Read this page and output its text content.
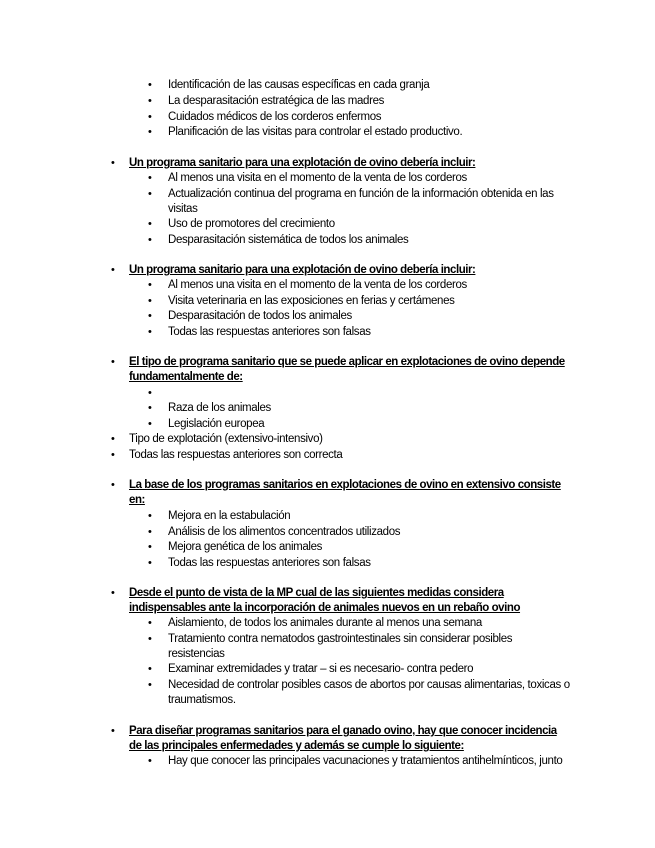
• Identificación de las causas específicas en cada granja
• La desparasitación estratégica de las madres
• Cuidados médicos de los corderos enfermos
• Planificación de las visitas para controlar el estado productivo.
• Un programa sanitario para una explotación de ovino debería incluir:
• Al menos una visita en el momento de la venta de los corderos
• Actualización continua del programa en función de la información obtenida en las
visitas
• Uso de promotores del crecimiento
• Desparasitación sistemática de todos los animales
• Un programa sanitario para una explotación de ovino debería incluir:
• Al menos una visita en el momento de la venta de los corderos
• Visita veterinaria en las exposiciones en ferias y certámenes
• Desparasitación de todos los animales
• Todas las respuestas anteriores son falsas
• El tipo de programa sanitario que se puede aplicar en explotaciones de ovino depende
fundamentalmente de:
•
• Raza de los animales
• Legislación europea
• Tipo de explotación (extensivo-intensivo)
• Todas las respuestas anteriores son correcta
• La base de los programas sanitarios en explotaciones de ovino en extensivo consiste
en:
• Mejora en la estabulación
• Análisis de los alimentos concentrados utilizados
• Mejora genética de los animales
• Todas las respuestas anteriores son falsas
• Desde el punto de vista de la MP cual de las siguientes medidas considera
indispensables ante la incorporación de animales nuevos en un rebaño ovino
• Aislamiento, de todos los animales durante al menos una semana
• Tratamiento contra nematodos gastrointestinales sin considerar posibles
resistencias
• Examinar extremidades y tratar – si es necesario- contra pedero
• Necesidad de controlar posibles casos de abortos por causas alimentarias, toxicas o
traumatismos.
• Para diseñar programas sanitarios para el ganado ovino, hay que conocer incidencia
de las principales enfermedades y además se cumple lo siguiente:
• Hay que conocer las principales vacunaciones y tratamientos antihelmínticos, junto
